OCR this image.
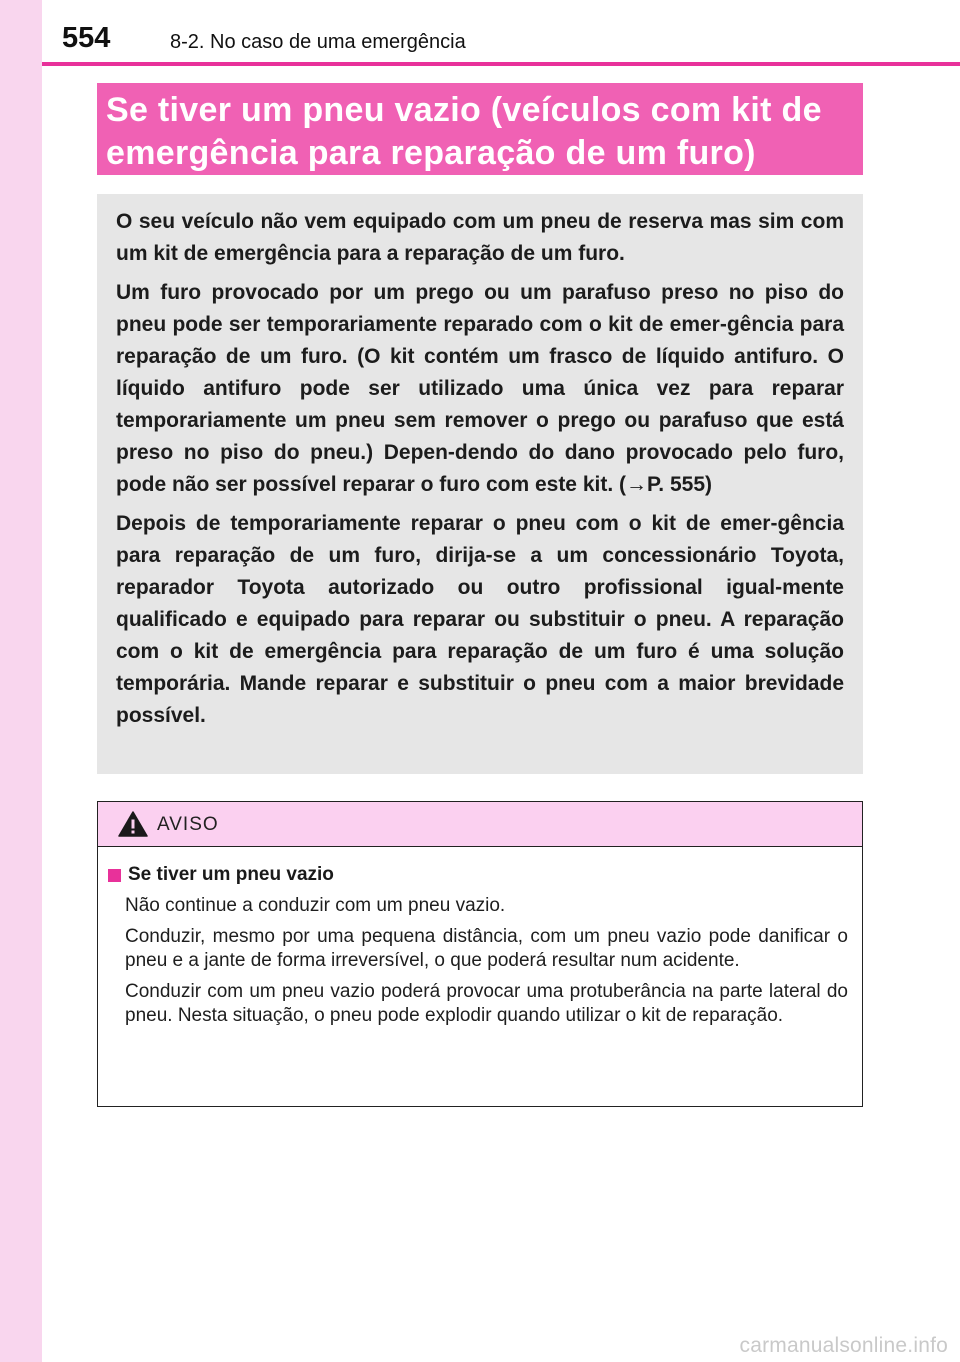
554	8-2. No caso de uma emergência
Se tiver um pneu vazio (veículos com kit de
emergência para reparação de um furo)

O seu veículo não vem equipado com um pneu de reserva mas sim com um kit de emergência para a reparação de um furo.

Um furo provocado por um prego ou um parafuso preso no piso do pneu pode ser temporariamente reparado com o kit de emer-gência para reparação de um furo. (O kit contém um frasco de líquido antifuro. O líquido antifuro pode ser utilizado uma única vez para reparar temporariamente um pneu sem remover o prego ou parafuso que está preso no piso do pneu.) Depen-dendo do dano provocado pelo furo, pode não ser possível reparar o furo com este kit. (→P. 555)

Depois de temporariamente reparar o pneu com o kit de emer-gência para reparação de um furo, dirija-se a um concessionário Toyota, reparador Toyota autorizado ou outro profissional igual-mente qualificado e equipado para reparar ou substituir o pneu. A reparação com o kit de emergência para reparação de um furo é uma solução temporária. Mande reparar e substituir o pneu com a maior brevidade possível.

AVISO
Se tiver um pneu vazio

Não continue a conduzir com um pneu vazio.

Conduzir, mesmo por uma pequena distância, com um pneu vazio pode danificar o pneu e a jante de forma irreversível, o que poderá resultar num acidente.

Conduzir com um pneu vazio poderá provocar uma protuberância na parte lateral do pneu. Nesta situação, o pneu pode explodir quando utilizar o kit de reparação.

carmanualsonline.info
